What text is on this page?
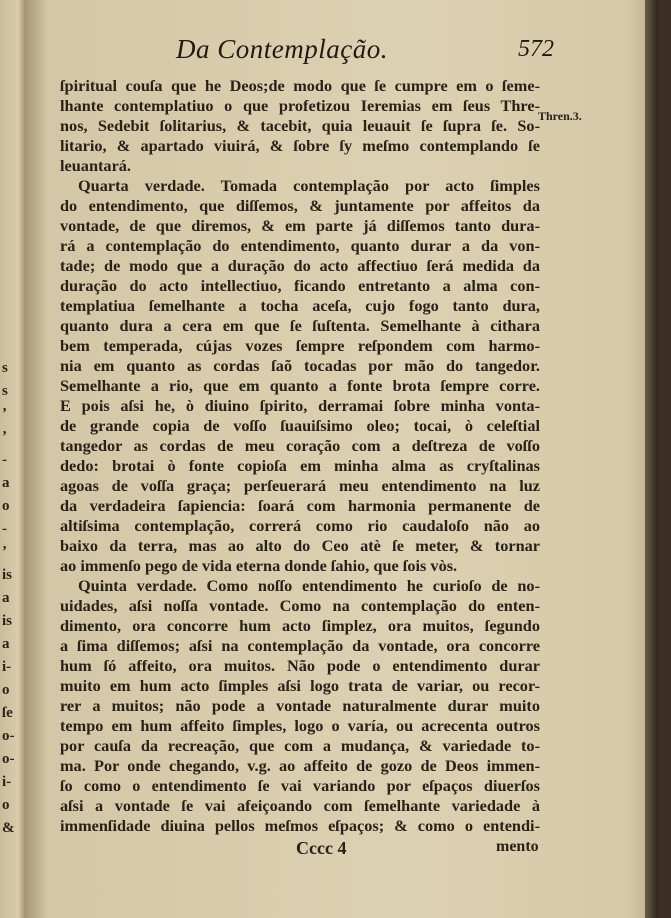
s
s
ʼ
ʼ
-
a
o
-
ʼ
is
a
is
a
i-
o
ſe
o-
o-
i-
o
&
Da Contemplação.	572
Thren.3.
ſpiritual couſa que he Deos;de modo que ſe cumpre em o ſeme-
lhante contemplatiuo o que profetizou Ieremias em ſeus Thre-
nos, Sedebit ſolitarius, & tacebit, quia leuauit ſe ſupra ſe. So-
litario, & apartado viuirá, & ſobre ſy meſmo contemplando ſe
leuantará.
Quarta verdade. Tomada contemplação por acto ſimples
do entendimento, que diſſemos, & juntamente por affeitos da
vontade, de que diremos, & em parte já diſſemos tanto dura-
rá a contemplação do entendimento, quanto durar a da von-
tade; de modo que a duração do acto affectiuo ſerá medida da
duração do acto intellectiuo, ficando entretanto a alma con-
templatiua ſemelhante a tocha aceſa, cujo fogo tanto dura,
quanto dura a cera em que ſe ſuſtenta. Semelhante à cithara
bem temperada, cújas vozes ſempre reſpondem com harmo-
nia em quanto as cordas ſaõ tocadas por mão do tangedor.
Semelhante a rio, que em quanto a fonte brota ſempre corre.
E pois aſsi he, ò diuino ſpirito, derramai ſobre minha vonta-
de grande copia de voſſo ſuauiſsimo oleo; tocai, ò celeſtial
tangedor as cordas de meu coração com a deſtreza de voſſo
dedo: brotai ò fonte copioſa em minha alma as cryſtalinas
agoas de voſſa graça; perſeuerará meu entendimento na luz
da verdadeira ſapiencia: ſoará com harmonia permanente de
altiſsima contemplação, correrá como rio caudaloſo não ao
baixo da terra, mas ao alto do Ceo atè ſe meter, & tornar
ao immenſo pego de vida eterna donde ſahio, que ſois vòs.
Quinta verdade. Como noſſo entendimento he curioſo de no-
uidades, aſsi noſſa vontade. Como na contemplação do enten-
dimento, ora concorre hum acto ſimplez, ora muitos, ſegundo
a ſima diſſemos; aſsi na contemplação da vontade, ora concorre
hum ſó affeito, ora muitos. Não pode o entendimento durar
muito em hum acto ſimples aſsi logo trata de variar, ou recor-
rer a muitos; não pode a vontade naturalmente durar muito
tempo em hum affeito ſimples, logo o varía, ou acrecenta outros
por cauſa da recreação, que com a mudança, & variedade to-
ma. Por onde chegando, v.g. ao affeito de gozo de Deos immen-
ſo como o entendimento ſe vai variando por eſpaços diuerſos
aſsi a vontade ſe vai afeiçoando com ſemelhante variedade à
immenſidade diuina pellos meſmos eſpaços; & como o entendi-
Cccc 4	mento
